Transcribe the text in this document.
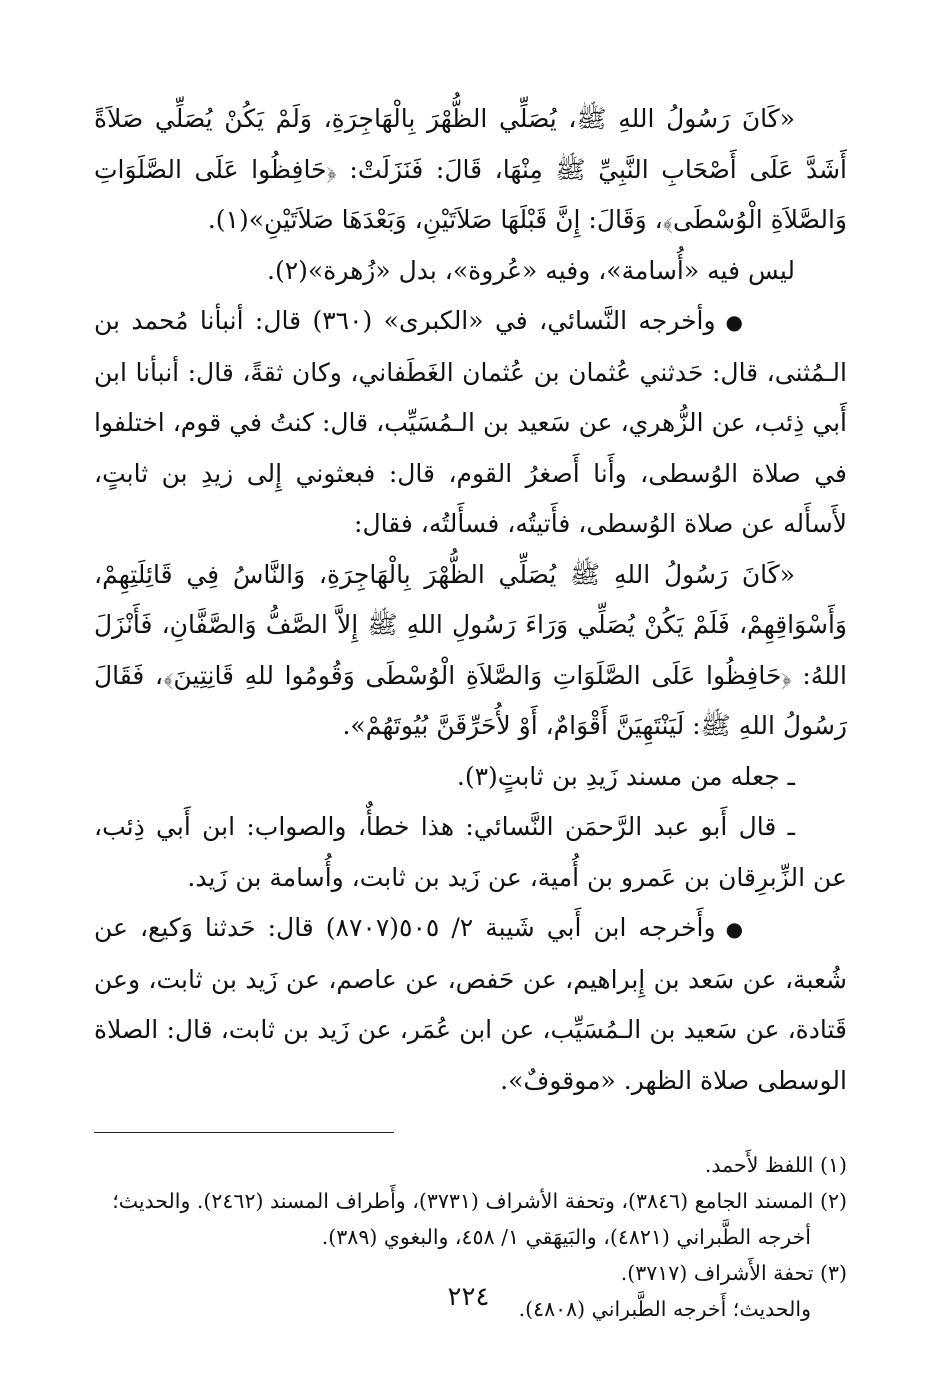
«كَانَ رَسُولُ اللهِ ﷺ، يُصَلِّي الظُّهْرَ بِالْهَاجِرَةِ، وَلَمْ يَكُنْ يُصَلِّي صَلاَةً أَشَدَّ عَلَى أَصْحَابِ النَّبِيِّ ﷺ مِنْهَا، قَالَ: فَنَزَلَتْ: ﴿حَافِظُوا عَلَى الصَّلَوَاتِ وَالصَّلاَةِ الْوُسْطَى﴾، وَقَالَ: إِنَّ قَبْلَهَا صَلاَتَيْنِ، وَبَعْدَهَا صَلاَتَيْنِ»(١).

ليس فيه «أُسامة»، وفيه «عُروة»، بدل «زُهرة»(٢).

●وأخرجه النَّسائي، في «الكبرى» (٣٦٠) قال: أنبأنا مُحمد بن الـمُثنى، قال: حَدثني عُثمان بن عُثمان الغَطَفاني، وكان ثقةً، قال: أنبأنا ابن أَبي ذِئب، عن الزُّهري، عن سَعيد بن الـمُسَيِّب، قال: كنتُ في قوم، اختلفوا في صلاة الوُسطى، وأَنا أَصغرُ القوم، قال: فبعثوني إِلى زيدِ بن ثابتٍ، لأَسأَله عن صلاة الوُسطى، فأَتيتُه، فسأَلتُه، فقال:

«كَانَ رَسُولُ اللهِ ﷺ يُصَلِّي الظُّهْرَ بِالْهَاجِرَةِ، وَالنَّاسُ فِي قَائِلَتِهِمْ، وَأَسْوَاقِهِمْ، فَلَمْ يَكُنْ يُصَلِّي وَرَاءَ رَسُولِ اللهِ ﷺ إِلاَّ الصَّفُّ وَالصَّفَّانِ، فَأَنْزَلَ اللهُ: ﴿حَافِظُوا عَلَى الصَّلَوَاتِ وَالصَّلاَةِ الْوُسْطَى وَقُومُوا للهِ قَانِتِينَ﴾، فَقَالَ رَسُولُ اللهِ ﷺ: لَيَنْتَهِيَنَّ أَقْوَامٌ، أَوْ لأُحَرِّقَنَّ بُيُوتَهُمْ».

ـ جعله من مسند زَيدِ بن ثابتٍ(٣).

ـ قال أَبو عبد الرَّحمَن النَّسائي: هذا خطأٌ، والصواب: ابن أَبي ذِئب، عن الزِّبرِقان بن عَمرو بن أُمية، عن زَيد بن ثابت، وأُسامة بن زَيد.

●وأَخرجه ابن أَبي شَيبة ٢/ ٥٠٥(٨٧٠٧) قال: حَدثنا وَكيع، عن شُعبة، عن سَعد بن إِبراهيم، عن حَفص، عن عاصم، عن زَيد بن ثابت، وعن قَتادة، عن سَعيد بن الـمُسَيِّب، عن ابن عُمَر، عن زَيد بن ثابت، قال: الصلاة الوسطى صلاة الظهر. «موقوفٌ».

(١) اللفظ لأَحمد.

(٢) المسند الجامع (٣٨٤٦)، وتحفة الأشراف (٣٧٣١)، وأَطراف المسند (٢٤٦٢). والحديث؛

أخرجه الطَّبراني (٤٨٢١)، والبَيهَقي ١/ ٤٥٨، والبغوي (٣٨٩).

(٣) تحفة الأَشراف (٣٧١٧).

والحديث؛ أَخرجه الطَّبراني (٤٨٠٨).

٢٢٤
